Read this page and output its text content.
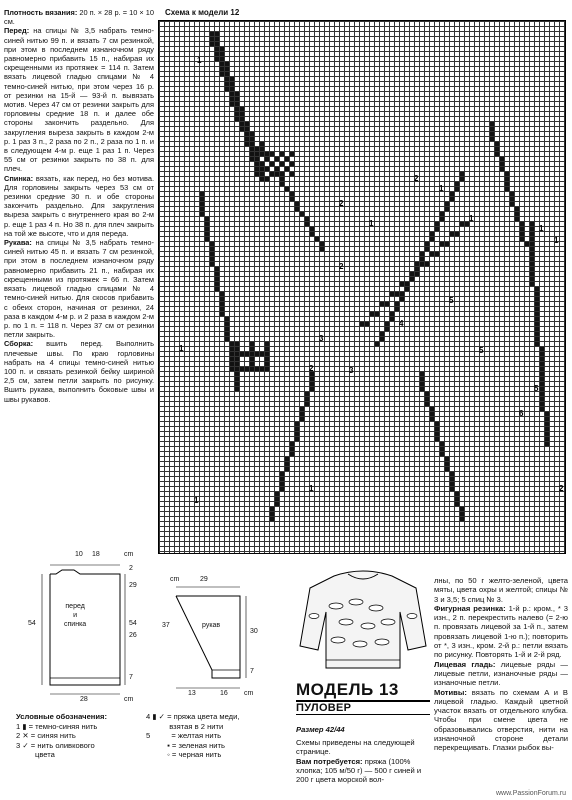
Плотность вязания: 20 п. × 28 р. = 10 × 10 см.

Перед: на спицы № 3,5 набрать темно-синей нитью 99 п. и вязать 7 см резинкой, при этом в последнем изнаночном ряду равномерно прибавить 15 п., набирая их скрещенными из протяжек = 114 п. Затем вязать лицевой гладью спицами № 4 темно-синей нитью, при этом через 16 р. от резинки на 15-й — 93-й п. вывязать мотив. Через 47 см от резинки закрыть для горловины средние 18 п. и далее обе стороны закончить раздельно. Для закругления выреза закрыть в каждом 2-м р. 1 раз 3 п., 2 раза по 2 п., 2 раза по 1 п. и в следующем 4-м р. еще 1 раз 1 п. Через 55 см от резинки закрыть по 38 п. для плеч.

Спинка: вязать, как перед, но без мотива. Для горловины закрыть через 53 см от резинки средние 30 п. и обе стороны закончить раздельно. Для закругления выреза закрыть с внутреннего края во 2-м р. еще 1 раз 4 п. Но 38 п. для плеч закрыть на той же высоте, что и для переда.

Рукава: на спицы № 3,5 набрать темно-синей нитью 45 п. и вязать 7 см резинкой, при этом в последнем изнаночном ряду равномерно прибавить 21 п., набирая их скрещенными из протяжек = 66 п. Затем вязать лицевой гладью спицами № 4 темно-синей нитью. Для скосов прибавить с обеих сторон, начиная от резинки, 24 раза в каждом 4-м р. и 2 раза в каждом 2-м р. по 1 п. = 118 п. Через 37 см от резинки петли закрыть.

Сборка: вшить перед. Выполнить плечевые швы. По краю горловины набрать на 4 спицы темно-синей нитью 100 п. и связать резинкой бейку шириной 2,5 см, затем петли закрыть по рисунку. Вшить рукава, выполнить боковые швы и швы рукавов.

Схема к модели 12
1
1
1
2
2
3
1
2	3
4
5
5
5
6
1
1	2
1
1
2
1
10 18	cm
перед
и
спинка
29
54
26
54
2
7
28	cm
cm	29
рукав
30
7
37
13	16 cm
Условные обозначения:
1 ▮ = темно-синяя нить
2 ✕ = синяя нить
3 ✓ = нить оливкового
цвета
4 ▮ ✓ = пряжа цвета меди,
взятая в 2 нити
5          = желтая нить
▪ = зеленая нить
◦ = черная нить
МОДЕЛЬ 13
ПУЛОВЕР
Размер 42/44
Схемы приведены на следующей странице.
Вам потребуется: пряжа (100% хлопка; 105 м/50 г) — 500 г синей и 200 г цвета морской вол-

лны, по 50 г желто-зеленой, цвета мяты, цвета охры и желтой; спицы № 3 и 3,5; 5 спиц № 3.

Фигурная резинка: 1-й р.: кром., * 3 изн., 2 п. перекрестить налево (= 2-ю п. провязать лицевой за 1-й п., затем провязать лицевой 1-ю п.); повторить от *, 3 изн., кром. 2-й р.: петли вязать по рисунку. Повторять 1-й и 2-й ряд.

Лицевая гладь: лицевые ряды — лицевые петли, изнаночные ряды — изнаночные петли.

Мотивы: вязать по схемам A и B лицевой гладью. Каждый цветной участок вязать от отдельного клубка. Чтобы при смене цвета не образовывались отверстия, нити на изнаночной стороне детали перекрещивать. Глазки рыбок вы-

www.PassionForum.ru
